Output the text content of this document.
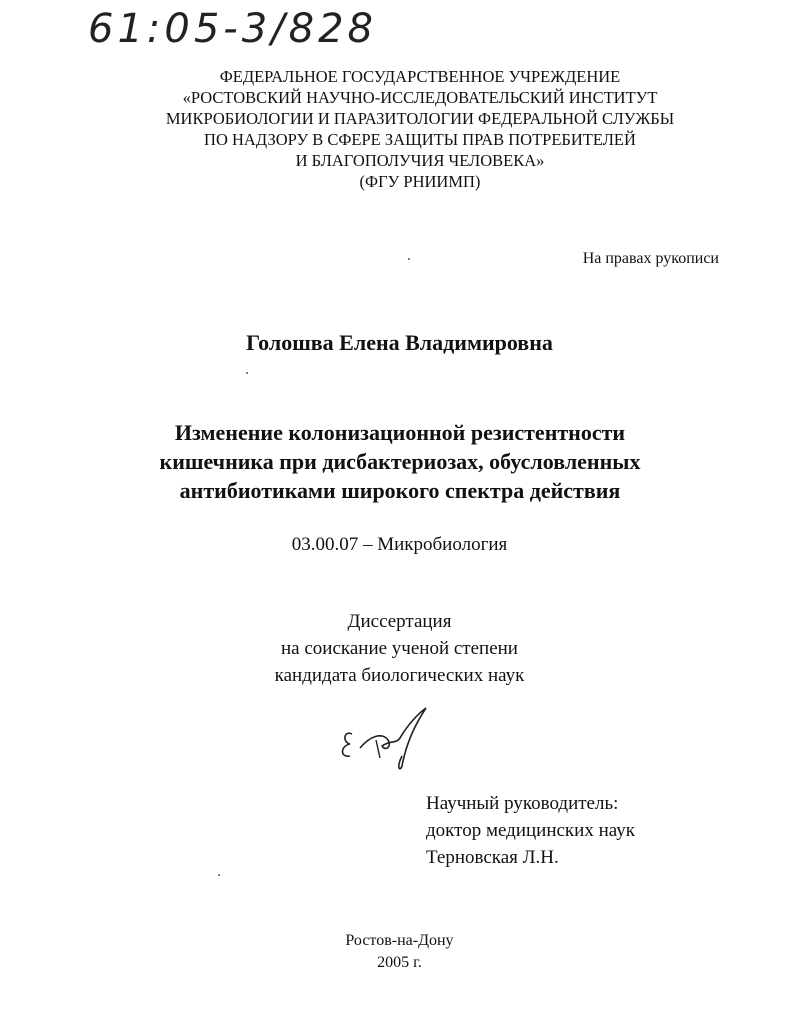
61:05-3/828
ФЕДЕРАЛЬНОЕ ГОСУДАРСТВЕННОЕ УЧРЕЖДЕНИЕ
«РОСТОВСКИЙ НАУЧНО-ИССЛЕДОВАТЕЛЬСКИЙ ИНСТИТУТ
МИКРОБИОЛОГИИ И ПАРАЗИТОЛОГИИ ФЕДЕРАЛЬНОЙ СЛУЖБЫ
ПО НАДЗОРУ В СФЕРЕ ЗАЩИТЫ ПРАВ ПОТРЕБИТЕЛЕЙ
И БЛАГОПОЛУЧИЯ ЧЕЛОВЕКА»
(ФГУ РНИИМП)
На правах рукописи
Голошва Елена Владимировна
Изменение колонизационной резистентности
кишечника при дисбактериозах, обусловленных
антибиотиками широкого спектра действия
03.00.07 – Микробиология
Диссертация
на соискание ученой степени
кандидата биологических наук
Научный руководитель:
доктор медицинских наук
Терновская Л.Н.
Ростов-на-Дону
2005 г.
